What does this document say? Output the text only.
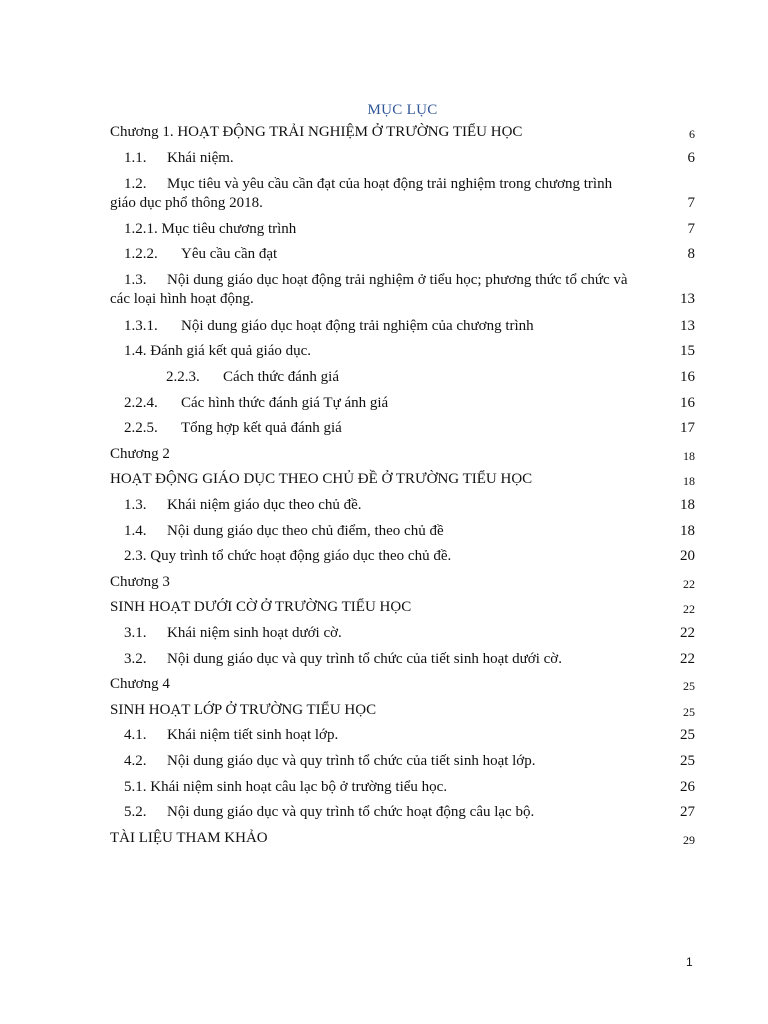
MỤC LỤC
Chương 1. HOẠT ĐỘNG TRẢI NGHIỆM Ở TRƯỜNG TIỂU HỌC	6
1.1. Khái niệm.	6
1.2. Mục tiêu và yêu cầu cần đạt của hoạt động trải nghiệm trong chương trình
giáo dục phổ thông 2018.	7
1.2.1. Mục tiêu chương trình	7
1.2.2. Yêu cầu cần đạt	8
1.3. Nội dung giáo dục hoạt động trải nghiệm ở tiểu học; phương thức tổ chức và
các loại hình hoạt động.	13
1.3.1. Nội dung giáo dục hoạt động trải nghiệm của chương trình	13
1.4. Đánh giá kết quả giáo dục.	15
2.2.3. Cách thức đánh giá	16
2.2.4. Các hình thức đánh giá Tự ánh giá	16
2.2.5. Tổng hợp kết quả đánh giá	17
Chương 2	18
HOẠT ĐỘNG GIÁO DỤC THEO CHỦ ĐỀ Ở TRƯỜNG TIỂU HỌC	18
1.3. Khái niệm giáo dục theo chủ đề.	18
1.4. Nội dung giáo dục theo chủ điểm, theo chủ đề	18
2.3. Quy trình tổ chức hoạt động giáo dục theo chủ đề.	20
Chương 3	22
SINH HOẠT DƯỚI CỜ Ở TRƯỜNG TIỂU HỌC	22
3.1. Khái niệm sinh hoạt dưới cờ.	22
3.2. Nội dung giáo dục và quy trình tổ chức của tiết sinh hoạt dưới cờ.	22
Chương 4	25
SINH HOẠT LỚP Ở TRƯỜNG TIỂU HỌC	25
4.1. Khái niệm tiết sinh hoạt lớp.	25
4.2. Nội dung giáo dục và quy trình tổ chức của tiết sinh hoạt lớp.	25
5.1. Khái niệm sinh hoạt câu lạc bộ ở trường tiểu học.	26
5.2. Nội dung giáo dục và quy trình tổ chức hoạt động câu lạc bộ.	27
TÀI LIỆU THAM KHẢO	29
1
